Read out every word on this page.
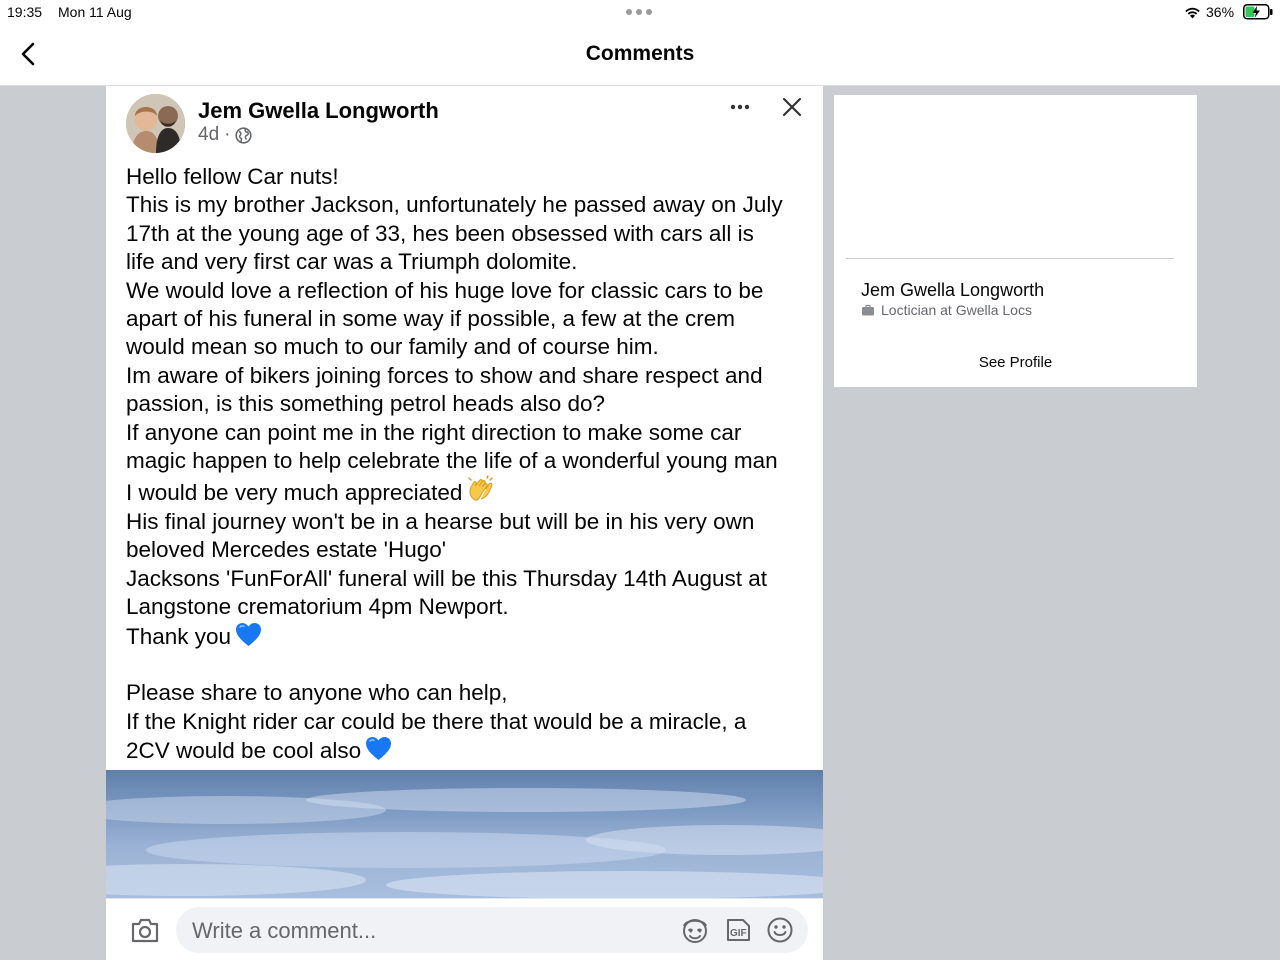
19:35 Mon 11 Aug	36%
Comments
Jem Gwella Longworth
4d ·

Hello fellow Car nuts!

This is my brother Jackson, unfortunately he passed away on July

17th at the young age of 33, hes been obsessed with cars all is

life and very first car was a Triumph dolomite.

We would love a reflection of his huge love for classic cars to be

apart of his funeral in some way if possible, a few at the crem

would mean so much to our family and of course him.

Im aware of bikers joining forces to show and share respect and

passion, is this something petrol heads also do?

If anyone can point me in the right direction to make some car

magic happen to help celebrate the life of a wonderful young man

I would be very much appreciated

His final journey won't be in a hearse but will be in his very own

beloved Mercedes estate 'Hugo'

Jacksons 'FunForAll' funeral will be this Thursday 14th August at

Langstone crematorium 4pm Newport.

Thank you

Please share to anyone who can help,

If the Knight rider car could be there that would be a miracle, a

2CV would be cool also

Write a comment...
GIF
Jem Gwella Longworth
Loctician at Gwella Locs
See Profile
